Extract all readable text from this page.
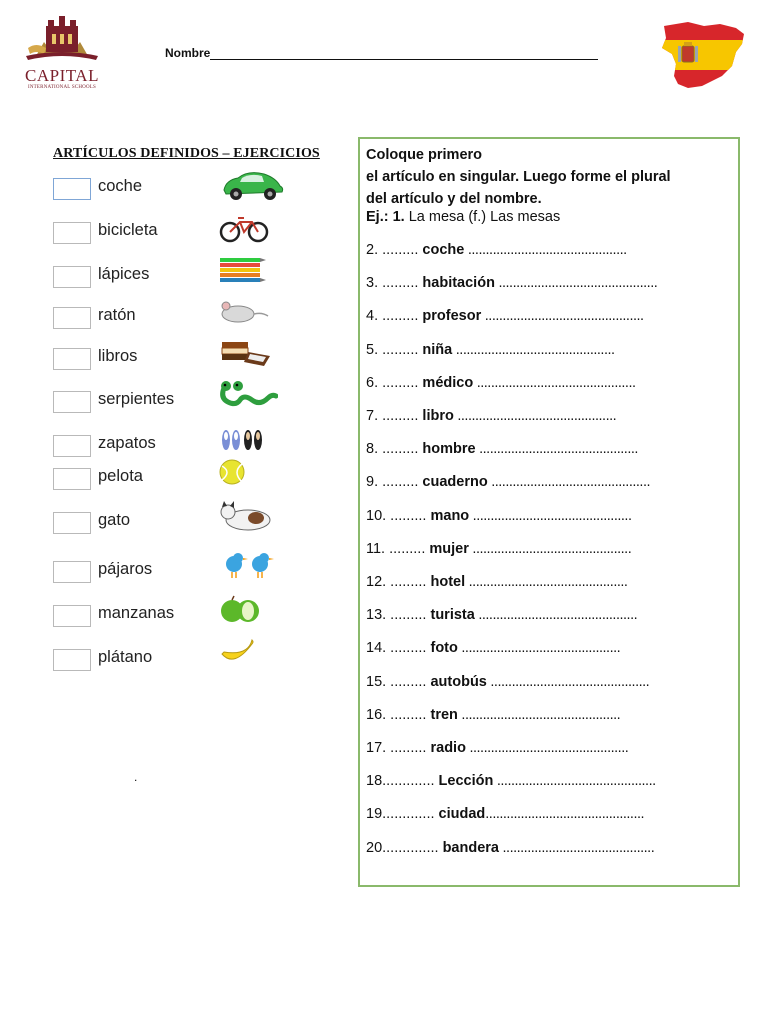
CAPITAL
INTERNATIONAL SCHOOLS
Nombre
ARTÍCULOS DEFINIDOS – EJERCICIOS
coche
bicicleta
lápices
ratón
libros
serpientes
zapatos
pelota
gato
pájaros
manzanas
plátano
.
Coloque primero
el artículo en singular. Luego forme el plural
del artículo y del nombre.
Ej.: 1. La mesa (f.) Las mesas
2. ......... coche .............................................
3. ......... habitación .............................................
4. ......... profesor .............................................
5. ......... niña .............................................
6. ......... médico .............................................
7. ......... libro .............................................
8. ......... hombre .............................................
9. ......... cuaderno .............................................
10. ......... mano .............................................
11. ......... mujer .............................................
12. ......... hotel .............................................
13. ......... turista .............................................
14. ......... foto .............................................
15. ......... autobús .............................................
16. ......... tren .............................................
17. ......... radio .............................................
18............. Lección .............................................
19............. ciudad.............................................
20.............. bandera ...........................................
